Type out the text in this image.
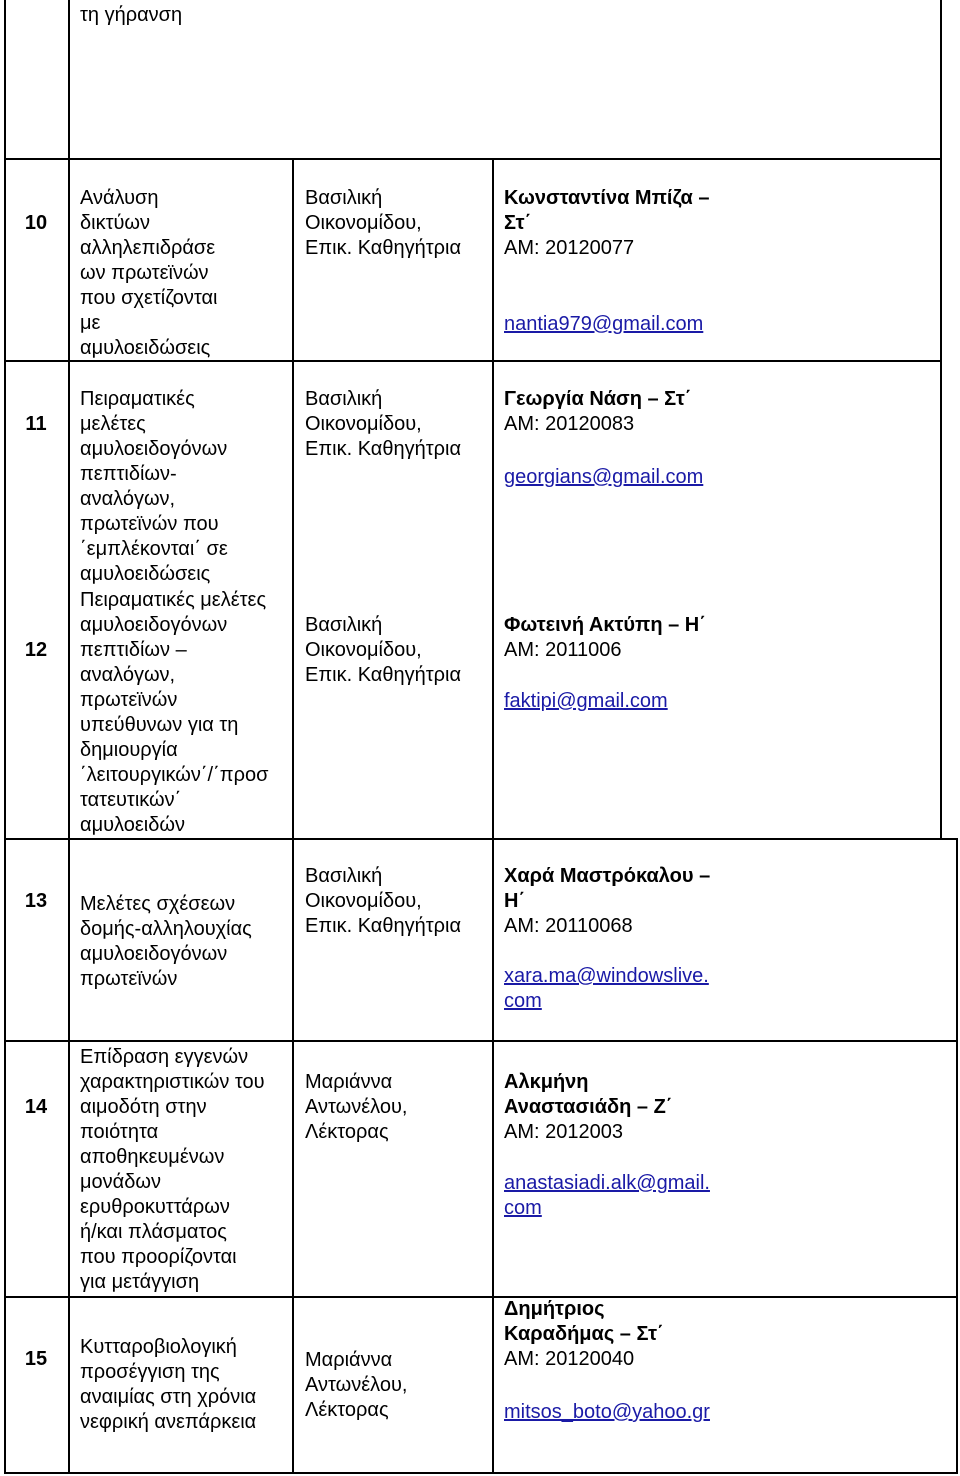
τη γήρανση
10
Ανάλυση
δικτύων
αλληλεπιδράσε
ων πρωτεϊνών
που σχετίζονται
με
αμυλοειδώσεις
Βασιλική
Οικονομίδου,
Επικ. Καθηγήτρια
Κωνσταντίνα Μπίζα –
Στ΄
ΑΜ: 20120077
nantia979@gmail.com
11
Πειραματικές
μελέτες
αμυλοειδογόνων
πεπτιδίων-
αναλόγων,
πρωτεϊνών που
΄εμπλέκονται΄ σε
αμυλοειδώσεις
Βασιλική
Οικονομίδου,
Επικ. Καθηγήτρια
Γεωργία Νάση – Στ΄
ΑΜ: 20120083
georgians@gmail.com
12
Πειραματικές μελέτες
αμυλοειδογόνων
πεπτιδίων –
αναλόγων,
πρωτεϊνών
υπεύθυνων για τη
δημιουργία
΄λειτουργικών΄/΄προσ
τατευτικών΄
αμυλοειδών
Βασιλική
Οικονομίδου,
Επικ. Καθηγήτρια
Φωτεινή Ακτύπη – Η΄
ΑΜ: 2011006
faktipi@gmail.com
13	Μελέτες σχέσεων
δομής-αλληλουχίας
αμυλοειδογόνων
πρωτεϊνών
Βασιλική
Οικονομίδου,
Επικ. Καθηγήτρια
Χαρά Μαστρόκαλου –
Η΄
ΑΜ: 20110068
xara.ma@windowslive.
com
14
Επίδραση εγγενών
χαρακτηριστικών του
αιμοδότη στην
ποιότητα
αποθηκευμένων
μονάδων
ερυθροκυττάρων
ή/και πλάσματος
που προορίζονται
για μετάγγιση
Μαριάννα
Αντωνέλου,
Λέκτορας
Αλκμήνη
Αναστασιάδη – Ζ΄
ΑΜ: 2012003
anastasiadi.alk@gmail.
com
15
Κυτταροβιολογική
προσέγγιση της
αναιμίας στη χρόνια
νεφρική ανεπάρκεια
Μαριάννα
Αντωνέλου,
Λέκτορας
Δημήτριος
Καραδήμας – Στ΄
ΑΜ: 20120040
mitsos_boto@yahoo.gr
